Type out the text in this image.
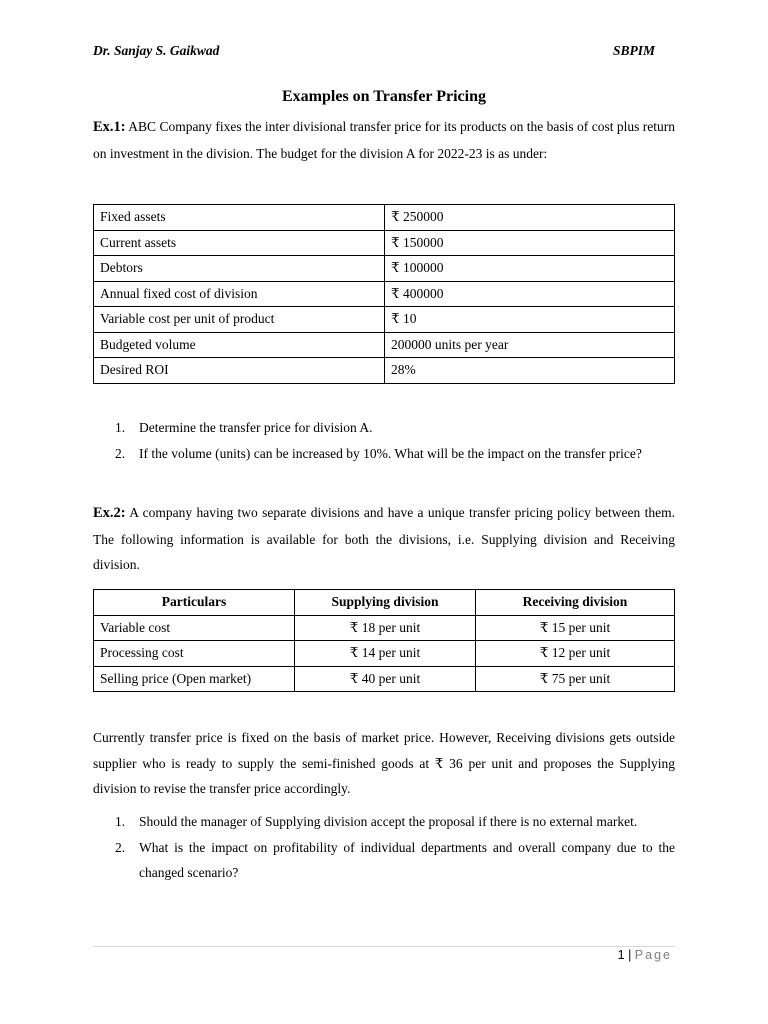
Dr. Sanjay S. Gaikwad	SBPIM
Examples on Transfer Pricing
Ex.1: ABC Company fixes the inter divisional transfer price for its products on the basis of cost plus return on investment in the division. The budget for the division A for 2022-23 is as under:
Fixed assets	₹ 250000
Current assets	₹ 150000
Debtors	₹ 100000
Annual fixed cost of division	₹ 400000
Variable cost per unit of product	₹ 10
Budgeted volume	200000 units per year
Desired ROI	28%
1. Determine the transfer price for division A.
2. If the volume (units) can be increased by 10%. What will be the impact on the transfer price?
Ex.2: A company having two separate divisions and have a unique transfer pricing policy between them. The following information is available for both the divisions, i.e. Supplying division and Receiving division.
Particulars	Supplying division	Receiving division
Variable cost	₹ 18 per unit	₹ 15 per unit
Processing cost	₹ 14 per unit	₹ 12 per unit
Selling price (Open market)	₹ 40 per unit	₹ 75 per unit
Currently transfer price is fixed on the basis of market price. However, Receiving divisions gets outside supplier who is ready to supply the semi-finished goods at ₹ 36 per unit and proposes the Supplying division to revise the transfer price accordingly.
1. Should the manager of Supplying division accept the proposal if there is no external market.
2. What is the impact on profitability of individual departments and overall company due to the changed scenario?
1 | Page
